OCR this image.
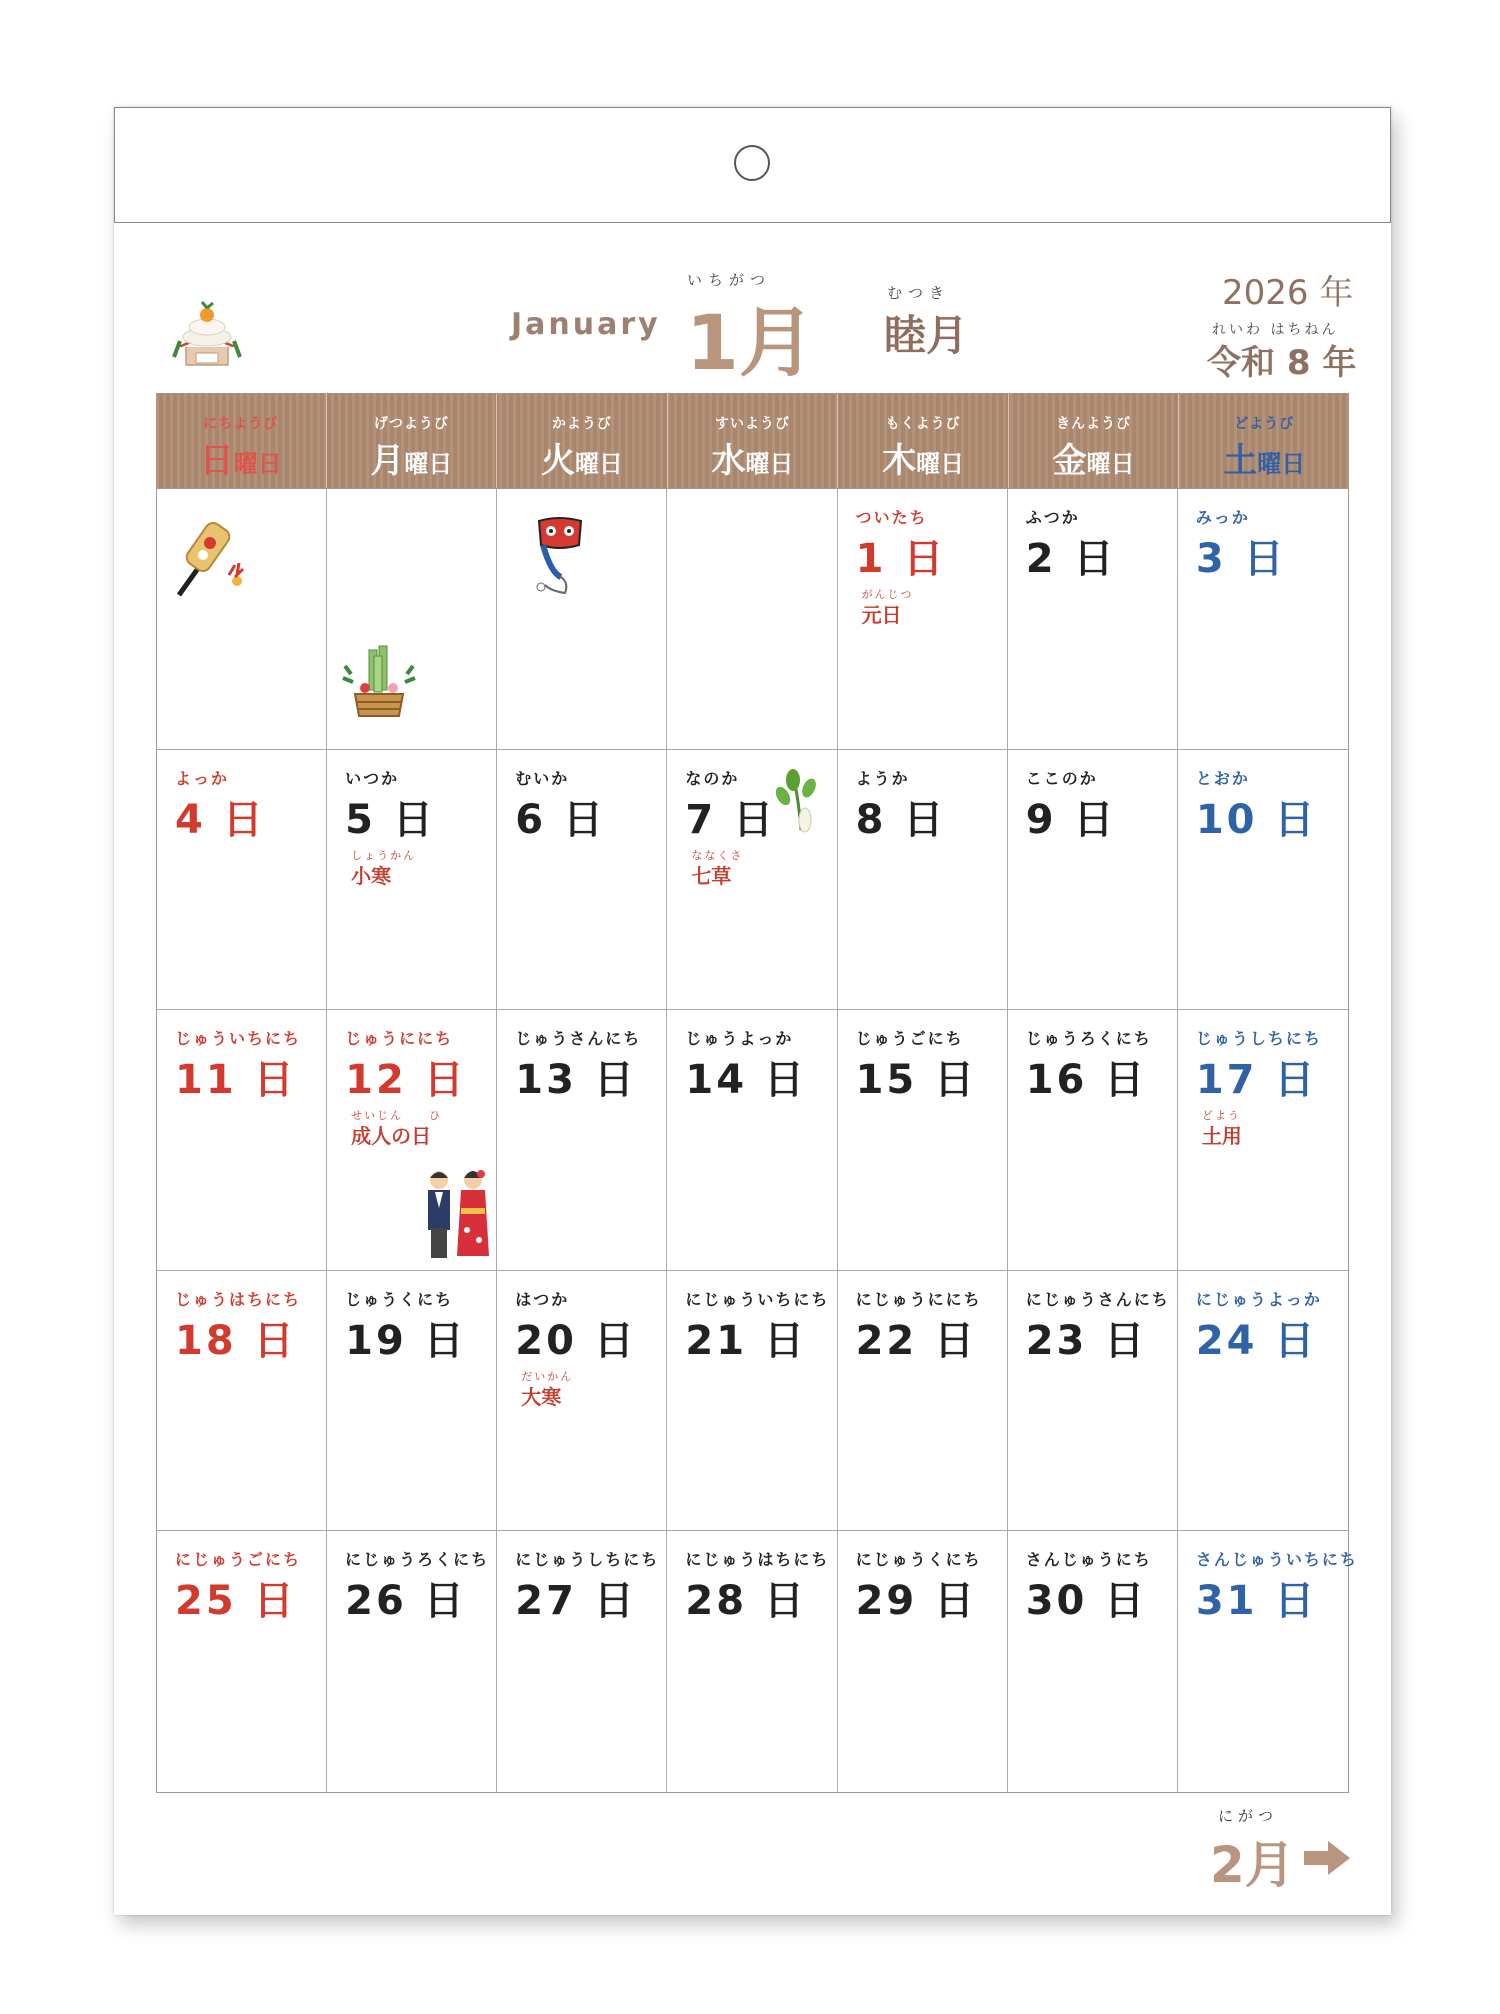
いちがつ
January 1月
むつき
睦月
2026 年
れいわ はちねん
令和 8 年
にちようび
日曜日
げつようび
月曜日
かようび
火曜日
すいようび
水曜日
もくようび
木曜日
きんようび
金曜日
どようび
土曜日
ついたち
1 日
がんじつ
元日
ふつか
2 日
みっか
3 日
よっか
4 日
いつか
5 日
しょうかん
小寒
むいか
6 日
なのか
7 日
ななくさ
七草
ようか
8 日
ここのか
9 日
とおか
10 日
じゅういちにち
11 日
じゅうににち
12 日
せいじん　　ひ
成人の日
じゅうさんにち
13 日
じゅうよっか
14 日
じゅうごにち
15 日
じゅうろくにち
16 日
じゅうしちにち
17 日
どよう
土用
じゅうはちにち
18 日
じゅうくにち
19 日
はつか
20 日
だいかん
大寒
にじゅういちにち
21 日
にじゅうににち
22 日
にじゅうさんにち
23 日
にじゅうよっか
24 日
にじゅうごにち
25 日
にじゅうろくにち
26 日
にじゅうしちにち
27 日
にじゅうはちにち
28 日
にじゅうくにち
29 日
さんじゅうにち
30 日
さんじゅういちにち
31 日
にがつ
2月
